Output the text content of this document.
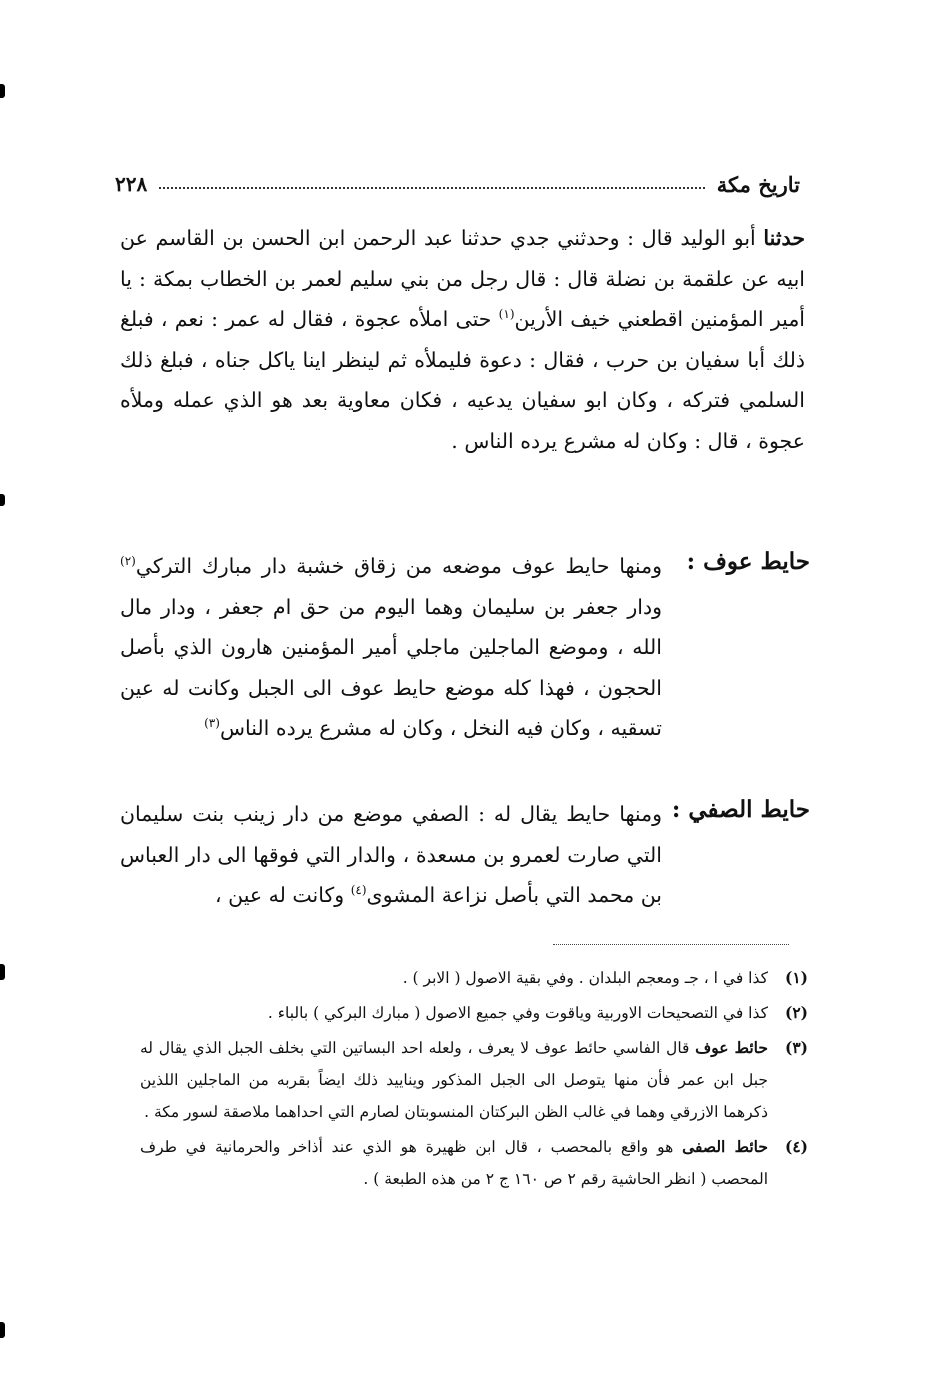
تاريخ مكة
٢٢٨
حدثنا أبو الوليد قال : وحدثني جدي حدثنا عبد الرحمن ابن الحسن بن القاسم عن ابيه عن علقمة بن نضلة قال : قال رجل من بني سليم لعمر بن الخطاب بمكة : يا أمير المؤمنين اقطعني خيف الأرين$^{(١)}$ حتى املأه عجوة ، فقال له عمر : نعم ، فبلغ ذلك أبا سفيان بن حرب ، فقال : دعوة فليملأه ثم لينظر اينا ياكل جناه ، فبلغ ذلك السلمي فتركه ، وكان ابو سفيان يدعيه ، فكان معاوية بعد هو الذي عمله وملأه عجوة ، قال : وكان له مشرع يرده الناس .
حايط عوف :
ومنها حايط عوف موضعه من زقاق خشبة دار مبارك التركي$^{(٢)}$ ودار جعفر بن سليمان وهما اليوم من حق ام جعفر ، ودار مال الله ، وموضع الماجلين ماجلي أمير المؤمنين هارون الذي بأصل الحجون ، فهذا كله موضع حايط عوف الى الجبل وكانت له عين تسقيه ، وكان فيه النخل ، وكان له مشرع يرده الناس$^{(٣)}$
حايط الصفي :
ومنها حايط يقال له : الصفي موضع من دار زينب بنت سليمان التي صارت لعمرو بن مسعدة ، والدار التي فوقها الى دار العباس بن محمد التي بأصل نزاعة المشوى$^{(٤)}$ وكانت له عين ،
(١)
كذا في ا ، جـ ومعجم البلدان . وفي بقية الاصول ( الابر ) .
(٢)
كذا في التصحيحات الاوربية وياقوت وفي جميع الاصول ( مبارك البركي ) بالباء .
(٣)
حائط عوف قال الفاسي حائط عوف لا يعرف ، ولعله احد البساتين التي بخلف الجبل الذي يقال له جبل ابن عمر فأن منها يتوصل الى الجبل المذكور ويناييد ذلك ايضاً بقربه من الماجلين اللذين ذكرهما الازرقي وهما في غالب الظن البركتان المنسوبتان لصارم التي احداهما ملاصقة لسور مكة .
(٤)
حائط الصفى هو واقع بالمحصب ، قال ابن ظهيرة هو الذي عند أذاخر والحرمانية في طرف المحصب ( انظر الحاشية رقم ٢ ص ١٦٠ ج ٢ من هذه الطبعة ) .
